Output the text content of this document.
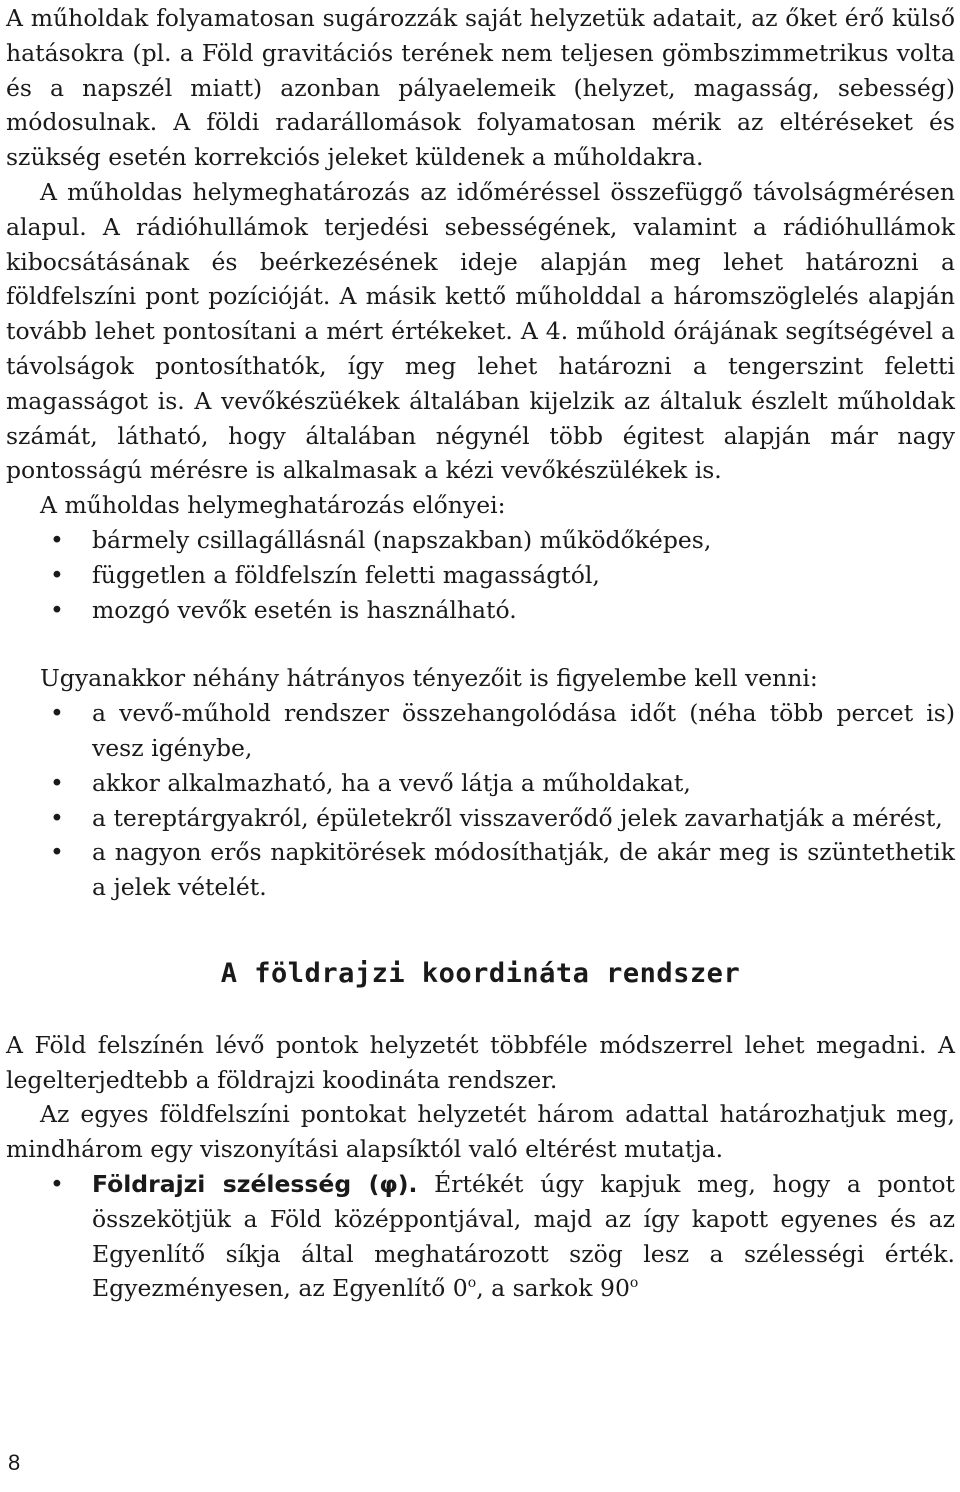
A műholdak folyamatosan sugározzák saját helyzetük adatait, az őket érő külső hatásokra (pl. a Föld gravitációs terének nem teljesen gömbszimmetrikus volta és a napszél miatt) azonban pályaelemeik (helyzet, magasság, sebesség) módosulnak. A földi radarállomások folyamatosan mérik az eltéréseket és szükség esetén korrekciós jeleket küldenek a műholdakra.

A műholdas helymeghatározás az időméréssel összefüggő távolságmérésen alapul. A rádióhullámok terjedési sebességének, valamint a rádióhullámok kibocsátásának és beérkezésének ideje alapján meg lehet határozni a földfelszíni pont pozícióját. A másik kettő műholddal a háromszöglelés alapján tovább lehet pontosítani a mért értékeket. A 4. műhold órájának segítségével a távolságok pontosíthatók, így meg lehet határozni a tengerszint feletti magasságot is. A vevőkészüékek általában kijelzik az általuk észlelt műholdak számát, látható, hogy általában négynél több égitest alapján már nagy pontosságú mérésre is alkalmasak a kézi vevőkészülékek is.

A műholdas helymeghatározás előnyei:

• bármely csillagállásnál (napszakban) működőképes,
• független a földfelszín feletti magasságtól,
• mozgó vevők esetén is használható.

Ugyanakkor néhány hátrányos tényezőit is figyelembe kell venni:

• a vevő-műhold rendszer összehangolódása időt (néha több percet is) vesz igénybe,
• akkor alkalmazható, ha a vevő látja a műholdakat,
• a tereptárgyakról, épületekről visszaverődő jelek zavarhatják a mérést,
• a nagyon erős napkitörések módosíthatják, de akár meg is szüntethetik a jelek vételét.
A földrajzi koordináta rendszer

A Föld felszínén lévő pontok helyzetét többféle módszerrel lehet megadni. A legelterjedtebb a földrajzi koodináta rendszer.

Az egyes földfelszíni pontokat helyzetét három adattal határozhatjuk meg, mindhárom egy viszonyítási alapsíktól való eltérést mutatja.

• Földrajzi szélesség (φ). Értékét úgy kapjuk meg, hogy a pontot összekötjük a Föld középpontjával, majd az így kapott egyenes és az Egyenlítő síkja által meghatározott szög lesz a szélességi érték. Egyezményesen, az Egyenlítő 0$^o$, a sarkok 90$^o$
8
